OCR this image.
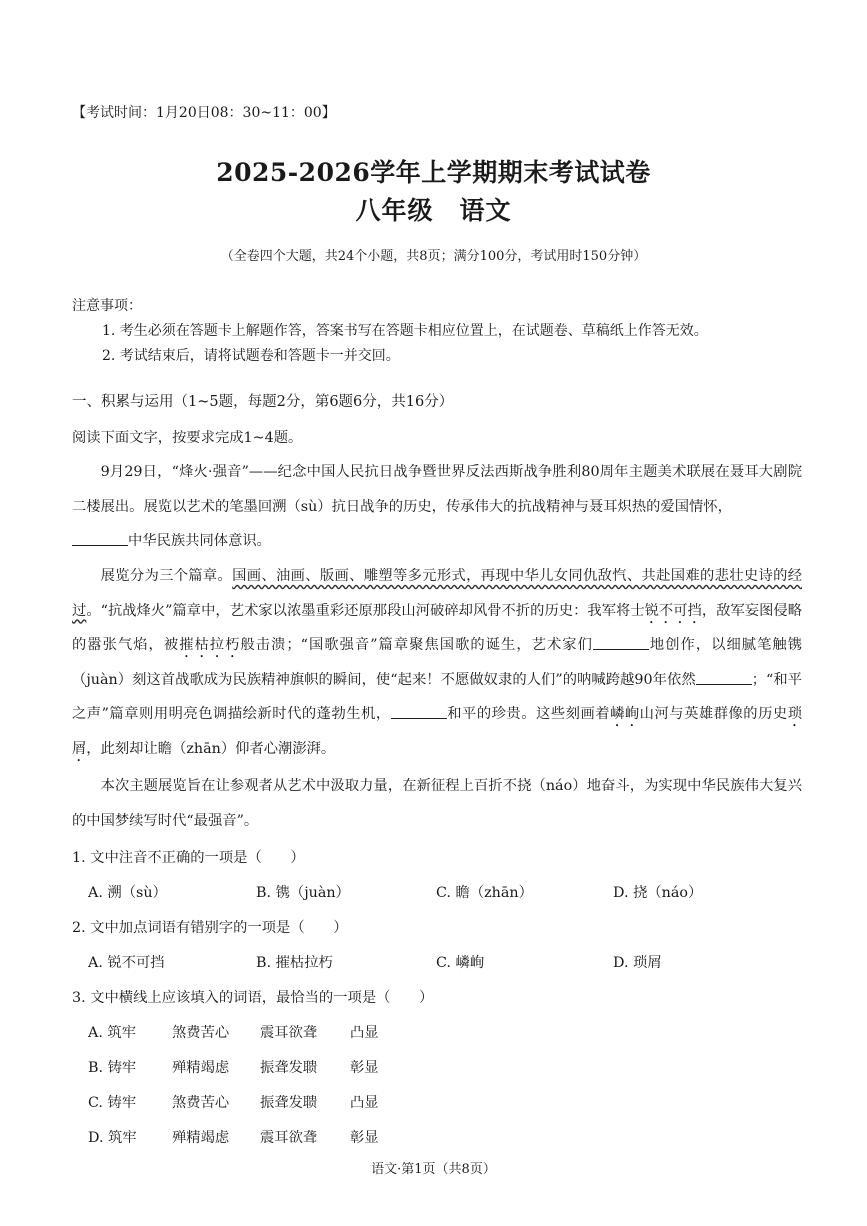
【考试时间：1月20日08：30~11：00】
2025-2026学年上学期期末考试试卷
八年级　语文
（全卷四个大题，共24个小题，共8页；满分100分，考试用时150分钟）
注意事项：
1. 考生必须在答题卡上解题作答，答案书写在答题卡相应位置上，在试题卷、草稿纸上作答无效。
2. 考试结束后，请将试题卷和答题卡一并交回。
一、积累与运用（1~5题，每题2分，第6题6分，共16分）
阅读下面文字，按要求完成1~4题。
9月29日，“烽火·强音”——纪念中国人民抗日战争暨世界反法西斯战争胜利80周年主题美术联展在聂耳大剧院二楼展出。展览以艺术的笔墨回溯（sù）抗日战争的历史，传承伟大的抗战精神与聂耳炽热的爱国情怀，
中华民族共同体意识。
展览分为三个篇章。国画、油画、版画、雕塑等多元形式，再现中华儿女同仇敌忾、共赴国难的悲壮史诗的经过。“抗战烽火”篇章中，艺术家以浓墨重彩还原那段山河破碎却风骨不折的历史：我军将士锐不可挡，敌军妄图侵略的嚣张气焰，被摧枯拉朽般击溃；“国歌强音”篇章聚焦国歌的诞生，艺术家们	地创作，以细腻笔触镌（juàn）刻这首战歌成为民族精神旗帜的瞬间，使“起来！不愿做奴隶的人们”的呐喊跨越90年依然	；“和平之声”篇章则用明亮色调描绘新时代的蓬勃生机，	和平的珍贵。这些刻画着嶙峋山河与英雄群像的历史琐屑，此刻却让瞻（zhān）仰者心潮澎湃。
本次主题展览旨在让参观者从艺术中汲取力量，在新征程上百折不挠（náo）地奋斗，为实现中华民族伟大复兴的中国梦续写时代“最强音”。
1. 文中注音不正确的一项是（　　）
A. 溯（sù）	B. 镌（juàn）	C. 瞻（zhān）	D. 挠（náo）
2. 文中加点词语有错别字的一项是（　　）
A. 锐不可挡	B. 摧枯拉朽	C. 嶙峋	D. 琐屑
3. 文中横线上应该填入的词语，最恰当的一项是（　　）
A. 筑牢	煞费苦心 震耳欲聋 凸显
B. 铸牢	殚精竭虑 振聋发聩 彰显
C. 铸牢	煞费苦心 振聋发聩 凸显
D. 筑牢 殚精竭虑 震耳欲聋 彰显
语文·第1页（共8页）
